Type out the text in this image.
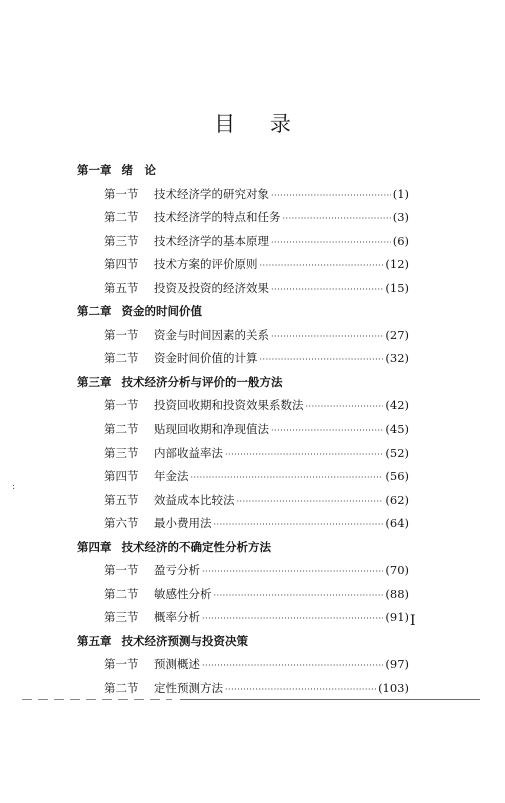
目 录
第一章 绪　论
第一节	技术经济学的研究对象 ·····	(1)
第二节	技术经济学的特点和任务 ·····	(3)
第三节	技术经济学的基本原理 ·····	(6)
第四节	技术方案的评价原则 ·····	(12)
第五节	投资及投资的经济效果 ·····	(15)
第二章 资金的时间价值
第一节	资金与时间因素的关系 ·····	(27)
第二节	资金时间价值的计算 ·····	(32)
第三章 技术经济分析与评价的一般方法
第一节	投资回收期和投资效果系数法 ·····	(42)
第二节	贴现回收期和净现值法 ·····	(45)
第三节	内部收益率法 ·····	(52)
第四节	年金法 ·····	(56)
第五节	效益成本比较法 ·····	(62)
第六节	最小费用法 ·····	(64)
第四章 技术经济的不确定性分析方法
第一节	盈亏分析 ·····	(70)
第二节	敏感性分析 ·····	(88)
第三节	概率分析 ·····	(91)
第五章 技术经济预测与投资决策
第一节	预测概述 ·····	(97)
第二节	定性预测方法 ·····	(103)
:
I
